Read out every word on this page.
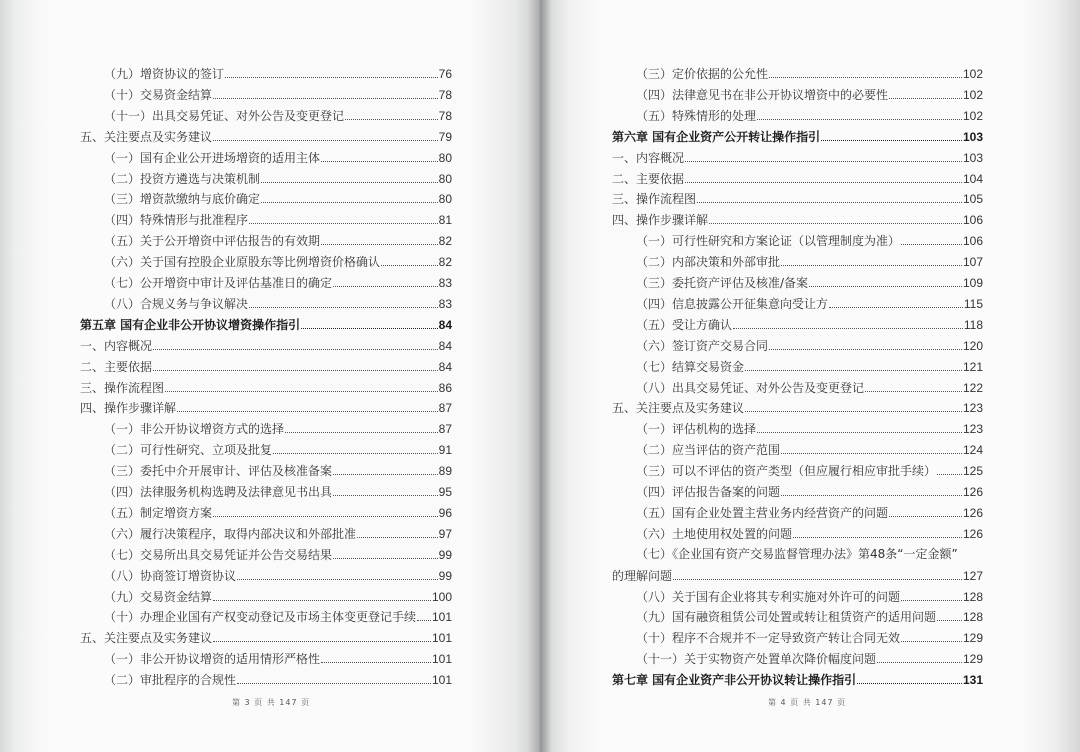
（九）增资协议的签订	76
（十）交易资金结算	78
（十一）出具交易凭证、对外公告及变更登记	78
五、关注要点及实务建议	79
（一）国有企业公开进场增资的适用主体	80
（二）投资方遴选与决策机制	80
（三）增资款缴纳与底价确定	80
（四）特殊情形与批准程序	81
（五）关于公开增资中评估报告的有效期	82
（六）关于国有控股企业原股东等比例增资价格确认	82
（七）公开增资中审计及评估基准日的确定	83
（八）合规义务与争议解决	83
第五章 国有企业非公开协议增资操作指引	84
一、内容概况	84
二、主要依据	84
三、操作流程图	86
四、操作步骤详解	87
（一）非公开协议增资方式的选择	87
（二）可行性研究、立项及批复	91
（三）委托中介开展审计、评估及核准备案	89
（四）法律服务机构选聘及法律意见书出具	95
（五）制定增资方案	96
（六）履行决策程序，取得内部决议和外部批准	97
（七）交易所出具交易凭证并公告交易结果	99
（八）协商签订增资协议	99
（九）交易资金结算	100
（十）办理企业国有产权变动登记及市场主体变更登记手续 101
五、关注要点及实务建议	101
（一）非公开协议增资的适用情形严格性	101
（二）审批程序的合规性	101
第 3 页 共 147 页
（三）定价依据的公允性	102
（四）法律意见书在非公开协议增资中的必要性	102
（五）特殊情形的处理	102
第六章 国有企业资产公开转让操作指引	103
一、内容概况	103
二、主要依据	104
三、操作流程图	105
四、操作步骤详解	106
（一）可行性研究和方案论证（以管理制度为准）	106
（二）内部决策和外部审批	107
（三）委托资产评估及核准/备案	109
（四）信息披露公开征集意向受让方	115
（五）受让方确认	118
（六）签订资产交易合同	120
（七）结算交易资金	121
（八）出具交易凭证、对外公告及变更登记	122
五、关注要点及实务建议	123
（一）评估机构的选择	123
（二）应当评估的资产范围	124
（三）可以不评估的资产类型（但应履行相应审批手续） 125
（四）评估报告备案的问题	126
（五）国有企业处置主营业务内经营资产的问题	126
（六）土地使用权处置的问题	126
（七）《企业国有资产交易监督管理办法》第48条“一定金额”
的理解问题	127
（八）关于国有企业将其专利实施对外许可的问题	128
（九）国有融资租赁公司处置或转让租赁资产的适用问题 128
（十）程序不合规并不一定导致资产转让合同无效	129
（十一）关于实物资产处置单次降价幅度问题	129
第七章 国有企业资产非公开协议转让操作指引	131
第 4 页 共 147 页
